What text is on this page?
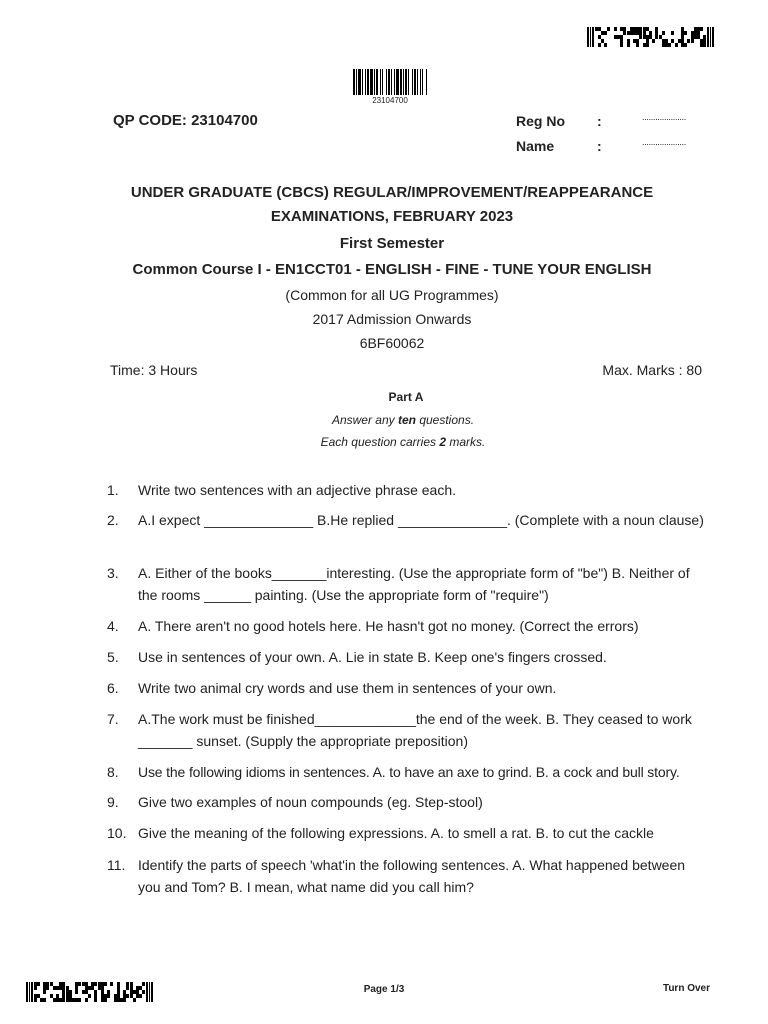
23104700
QP CODE: 23104700	Reg No :	....................
Name	:	....................
UNDER GRADUATE (CBCS) REGULAR/IMPROVEMENT/REAPPEARANCE
EXAMINATIONS, FEBRUARY 2023
First Semester
Common Course I - EN1CCT01 - ENGLISH - FINE - TUNE YOUR ENGLISH
(Common for all UG Programmes)
2017 Admission Onwards
6BF60062
Time: 3 Hours	Max. Marks : 80
Part A
Answer any ten questions.
Each question carries 2 marks.
1. Write two sentences with an adjective phrase each.
2. A.I expect ______________ B.He replied ______________. (Complete with a noun clause)
3. A. Either of the books_______interesting. (Use the appropriate form of "be") B. Neither of the rooms ______ painting. (Use the appropriate form of "require")
4. A. There aren't no good hotels here. He hasn't got no money. (Correct the errors)
5. Use in sentences of your own. A. Lie in state B. Keep one's fingers crossed.
6. Write two animal cry words and use them in sentences of your own.
7. A.The work must be finished_____________the end of the week. B. They ceased to work _______ sunset. (Supply the appropriate preposition)
8. Use the following idioms in sentences. A. to have an axe to grind. B. a cock and bull story.
9. Give two examples of noun compounds (eg. Step-stool)
10. Give the meaning of the following expressions. A. to smell a rat. B. to cut the cackle
11. Identify the parts of speech 'what'in the following sentences. A. What happened between you and Tom? B. I mean, what name did you call him?
Page 1/3	Turn Over
